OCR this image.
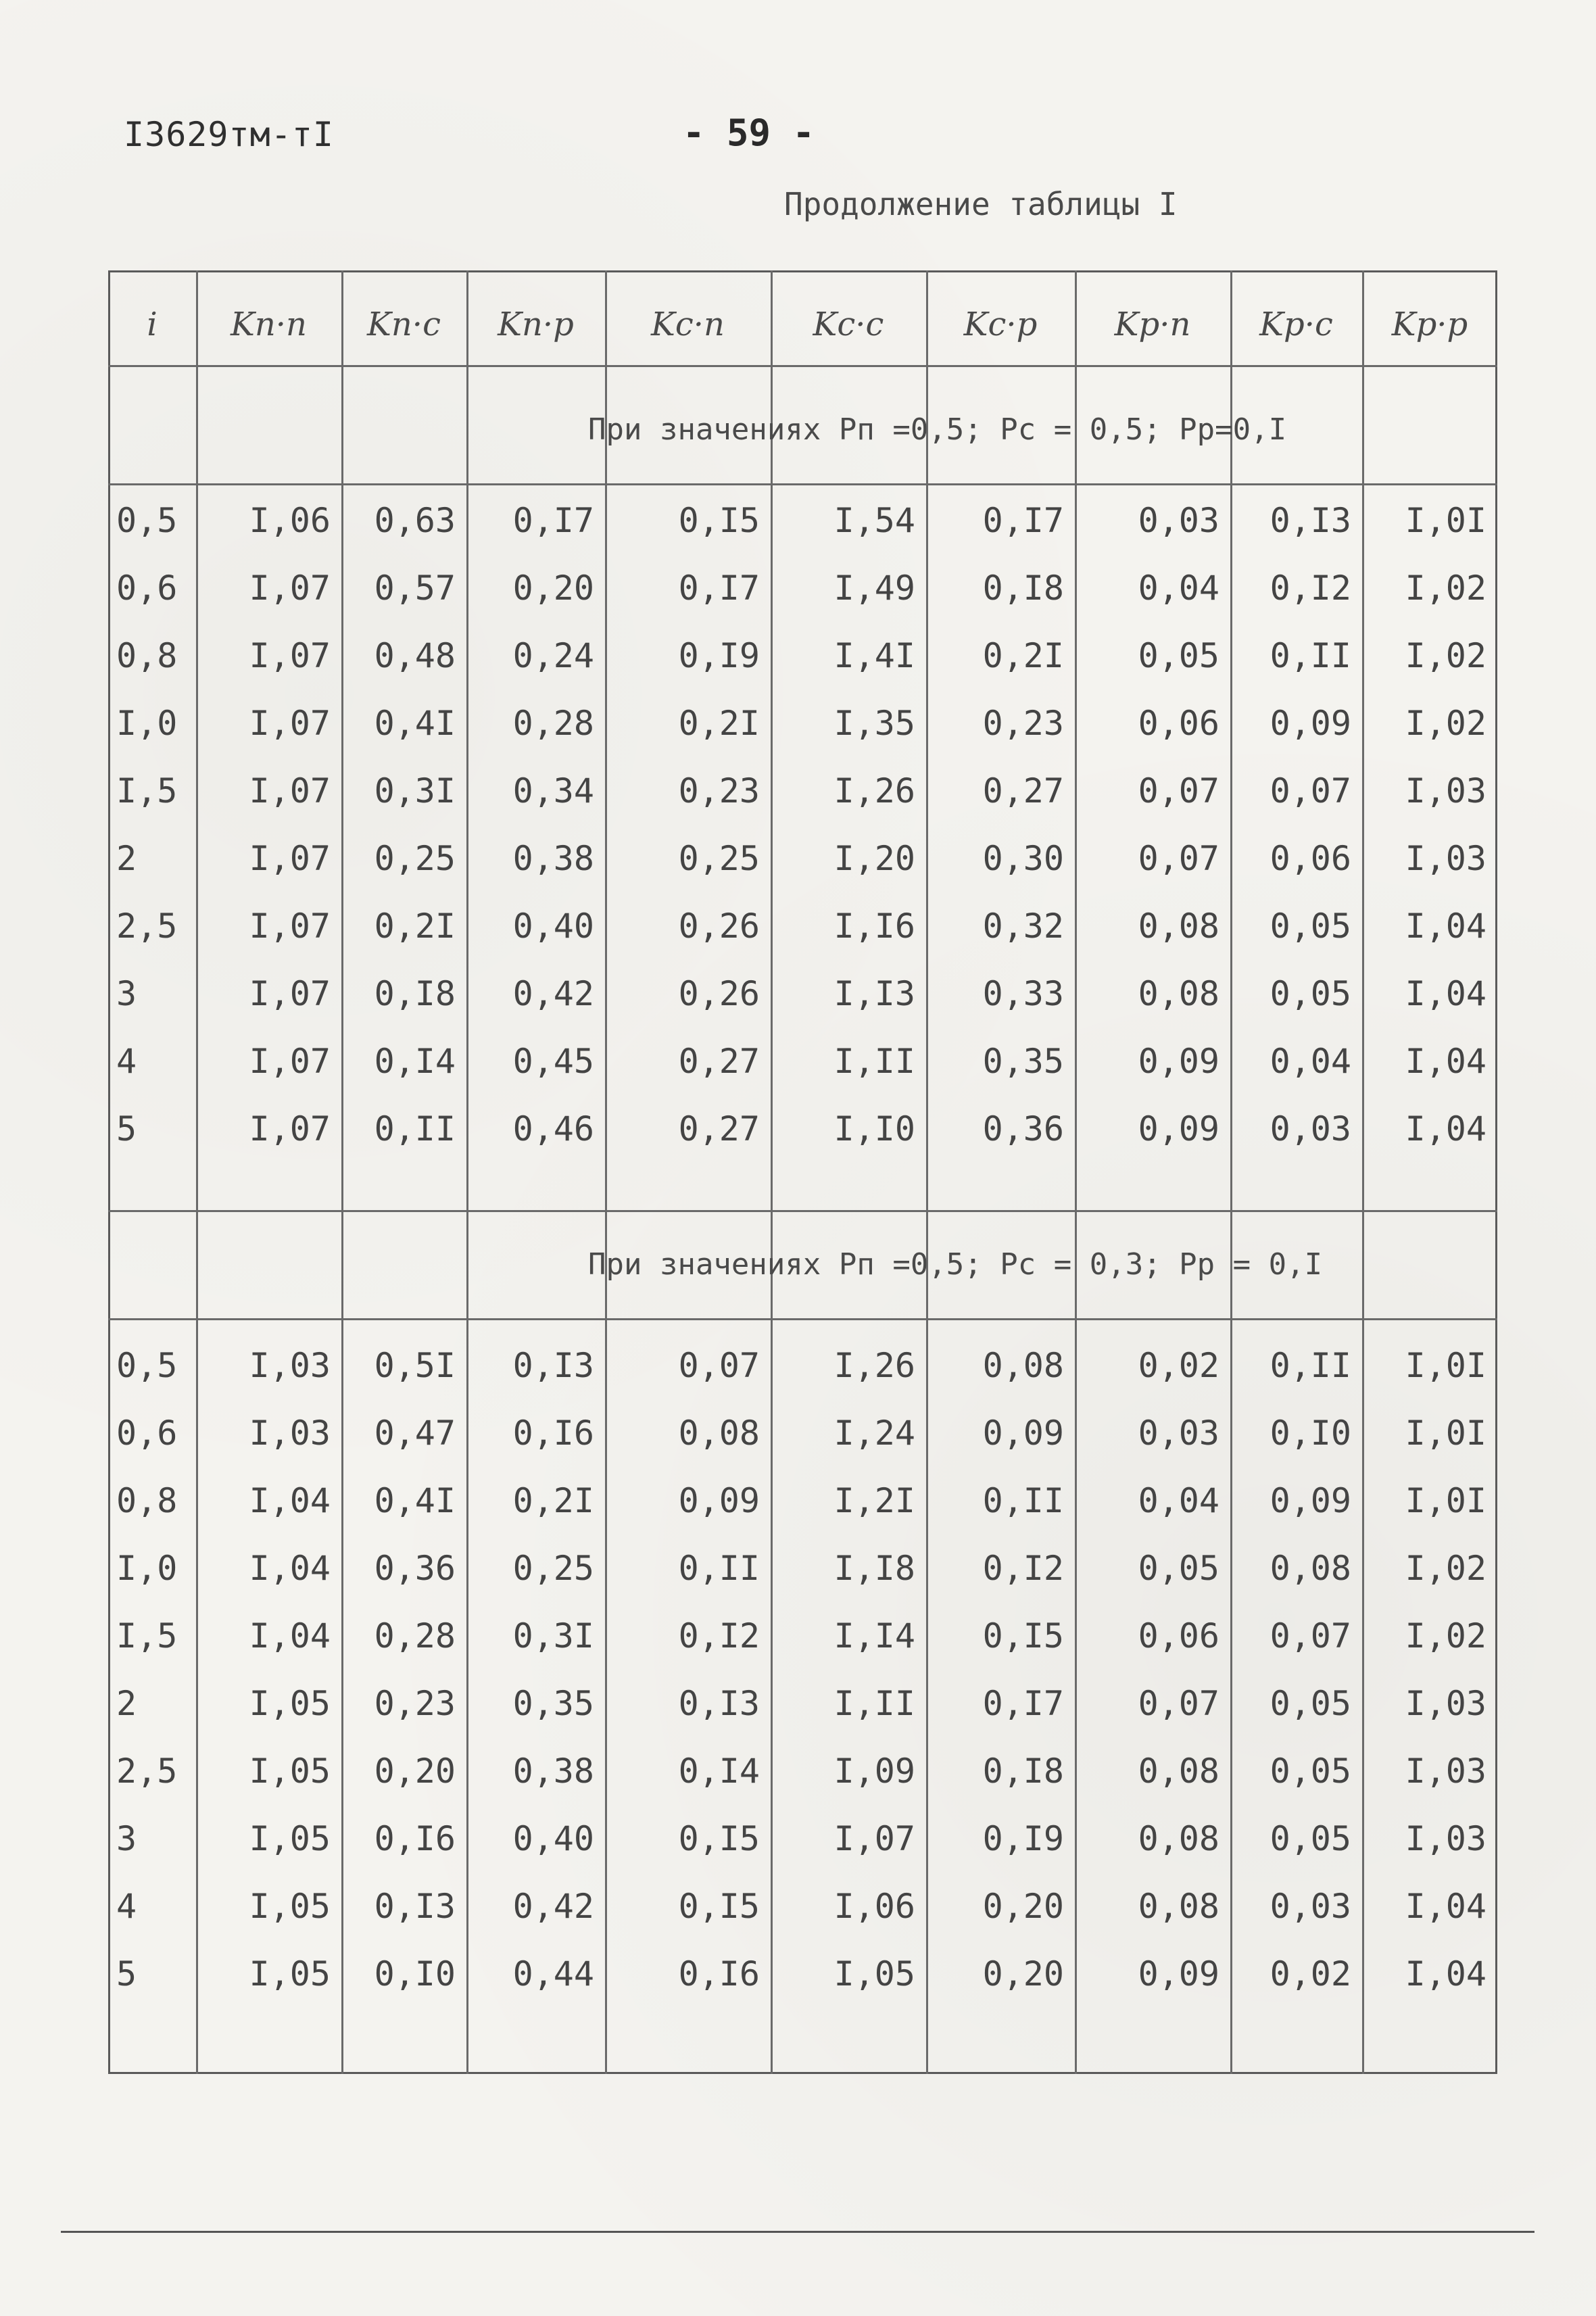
I3629тм-тI	- 59 -
Продолжение таблицы I
i	Kп·п	Kп·c	Kп·р	Kc·п	Kc·c	Kc·р	Kр·п	Kр·c	Kр·р
При значениях Pп =0,5; Pc = 0,5; Pр=0,I
0,5	I,06	0,63	0,I7	0,I5	I,54	0,I7	0,03	0,I3	I,0I
0,6	I,07	0,57	0,20	0,I7	I,49	0,I8	0,04	0,I2	I,02
0,8	I,07	0,48	0,24	0,I9	I,4I	0,2I	0,05	0,II	I,02
I,0	I,07	0,4I	0,28	0,2I	I,35	0,23	0,06	0,09	I,02
I,5	I,07	0,3I	0,34	0,23	I,26	0,27	0,07	0,07	I,03
2	I,07	0,25	0,38	0,25	I,20	0,30	0,07	0,06	I,03
2,5	I,07	0,2I	0,40	0,26	I,I6	0,32	0,08	0,05	I,04
3	I,07	0,I8	0,42	0,26	I,I3	0,33	0,08	0,05	I,04
4	I,07	0,I4	0,45	0,27	I,II	0,35	0,09	0,04	I,04
5	I,07	0,II	0,46	0,27	I,I0	0,36	0,09	0,03	I,04
При значениях Pп =0,5; Pc = 0,3; Pр = 0,I
0,5	I,03	0,5I	0,I3	0,07	I,26	0,08	0,02	0,II	I,0I
0,6	I,03	0,47	0,I6	0,08	I,24	0,09	0,03	0,I0	I,0I
0,8	I,04	0,4I	0,2I	0,09	I,2I	0,II	0,04	0,09	I,0I
I,0	I,04	0,36	0,25	0,II	I,I8	0,I2	0,05	0,08	I,02
I,5	I,04	0,28	0,3I	0,I2	I,I4	0,I5	0,06	0,07	I,02
2	I,05	0,23	0,35	0,I3	I,II	0,I7	0,07	0,05	I,03
2,5	I,05	0,20	0,38	0,I4	I,09	0,I8	0,08	0,05	I,03
3	I,05	0,I6	0,40	0,I5	I,07	0,I9	0,08	0,05	I,03
4	I,05	0,I3	0,42	0,I5	I,06	0,20	0,08	0,03	I,04
5	I,05	0,I0	0,44	0,I6	I,05	0,20	0,09	0,02	I,04
